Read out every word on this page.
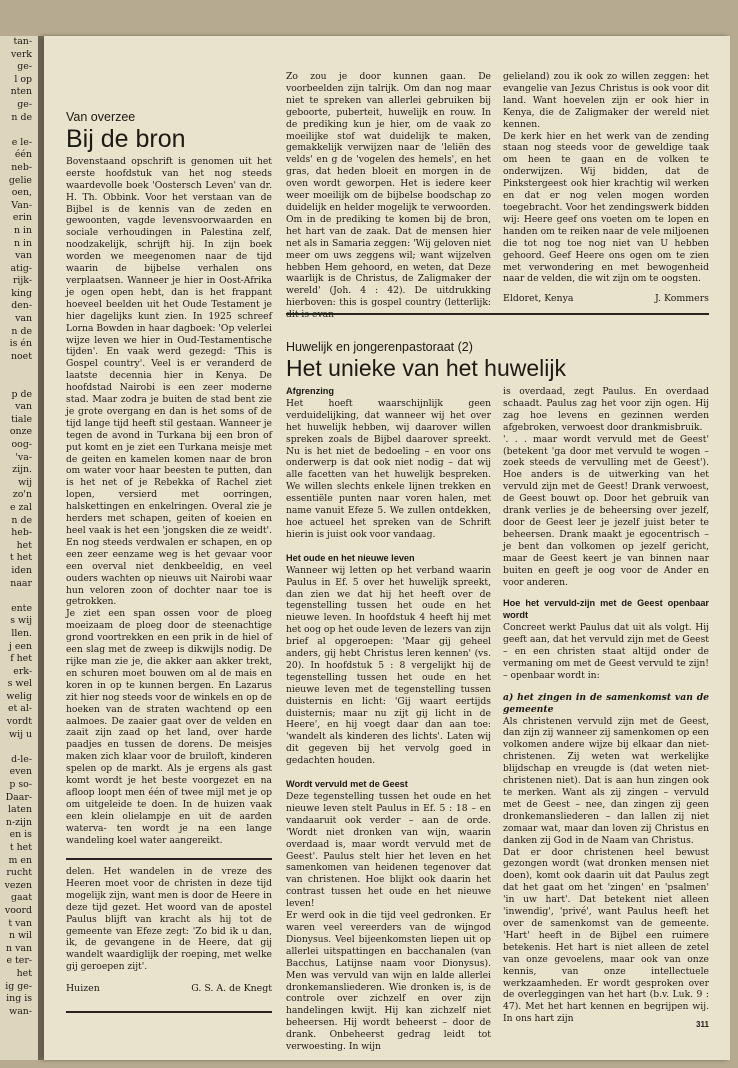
tan-
verk
ge-
l op
nten
ge-
n de
e le-
één
neb-
gelie
oen,
Van-
erin
n in
n in
van
atig-
rijk-
king
den-
van
n de
is én
noet
p de
van
tiale
onze
oog-
'va-
zijn.
wij
zo'n
e zal
n de
heb-
het
t het
iden
naar
ente
s wij
llen.
j een
f het
erk-
s wel
welig
et al-
vordt
wij u
d-le-
even
p so-
Daar-
laten
n-zijn
en is
t het
m en
rucht
vezen
gaat
voord
t van
n wil
n van
e ter-
het
ig ge-
ing is
wan-
Van overzee
Bij de bron

Bovenstaand opschrift is genomen uit het eerste hoofdstuk van het nog steeds waardevolle boek 'Oostersch Leven' van dr. H. Th. Obbink. Voor het verstaan van de Bijbel is de kennis van de zeden en gewoonten, vagde levensvoorwaarden en sociale verhoudingen in Palestina zelf, noodzakelijk, schrijft hij. In zijn boek worden we meegenomen naar de tijd waarin de bijbelse verhalen ons verplaatsen. Wanneer je hier in Oost-Afrika je ogen open hebt, dan is het frappant hoeveel beelden uit het Oude Testament je hier dagelijks kunt zien. In 1925 schreef Lorna Bowden in haar dagboek: 'Op velerlei wijze leven we hier in Oud-Testamentische tijden'. En vaak werd gezegd: 'This is Gospel country'. Veel is er veranderd de laatste decennia hier in Kenya. De hoofdstad Nairobi is een zeer moderne stad. Maar zodra je buiten de stad bent zie je grote overgang en dan is het soms of de tijd lange tijd heeft stil gestaan. Wanneer je tegen de avond in Turkana bij een bron of put komt en je ziet een Turkana meisje met de geiten en kamelen komen naar de bron om water voor haar beesten te putten, dan is het net of je Rebekka of Rachel ziet lopen, versierd met oorringen, halskettingen en enkelringen. Overal zie je herders met schapen, geiten of koeien en heel vaak is het een 'jongsken die ze weidt'. En nog steeds verdwalen er schapen, en op een zeer eenzame weg is het gevaar voor een overval niet denkbeeldig, en veel ouders wachten op nieuws uit Nairobi waar hun veloren zoon of dochter naar toe is getrokken.

Je ziet een span ossen voor de ploeg moeizaam de ploeg door de steenachtige grond voortrekken en een prik in de hiel of een slag met de zweep is dikwijls nodig. De rijke man zie je, die akker aan akker trekt, en schuren moet bouwen om al de mais en koren in op te kunnen bergen. En Lazarus zit hier nog steeds voor de winkels en op de hoeken van de straten wachtend op een aalmoes. De zaaier gaat over de velden en zaait zijn zaad op het land, over harde paadjes en tussen de dorens. De meisjes maken zich klaar voor de bruiloft, kinderen spelen op de markt. Als je ergens als gast komt wordt je het beste voorgezet en na afloop loopt men één of twee mijl met je op om uitgeleide te doen. In de huizen vaak een klein olielampje en uit de aarden waterva- ten wordt je na een lange wandeling koel water aangereikt.

delen. Het wandelen in de vreze des Heeren moet voor de christen in deze tijd mogelijk zijn, want men is door de Heere in deze tijd gezet. Het woord van de apostel Paulus blijft van kracht als hij tot de gemeente van Efeze zegt: 'Zo bid ik u dan, ik, de gevangene in de Heere, dat gij wandelt waardiglijk der roeping, met welke gij geroepen zijt'.

Huizen	G. S. A. de Knegt

Zo zou je door kunnen gaan. De voorbeelden zijn talrijk. Om dan nog maar niet te spreken van allerlei gebruiken bij geboorte, puberteit, huwelijk en rouw. In de prediking kun je hier, om de vaak zo moeilijke stof wat duidelijk te maken, gemakkelijk verwijzen naar de 'leliën des velds' en g de 'vogelen des hemels', en het gras, dat heden bloeit en morgen in de oven wordt geworpen. Het is iedere keer weer moeilijk om de bijbelse boodschap zo duidelijk en helder mogelijk te verwoorden. Om in de prediking te komen bij de bron, het hart van de zaak. Dat de mensen hier net als in Samaria zeggen: 'Wij geloven niet meer om uws zeggens wil; want wijzelven hebben Hem gehoord, en weten, dat Deze waarlijk is de Christus, de Zaligmaker der wereld' (Joh. 4 : 42). De uitdrukking hierboven: this is gospel country (letterlijk:

gelieland) zou ik ook zo willen zeggen: het evangelie van Jezus Christus is ook voor dit land. Want hoevelen zijn er ook hier in Kenya, die de Zaligmaker der wereld niet kennen.

De kerk hier en het werk van de zending staan nog steeds voor de geweldige taak om heen te gaan en de volken te onderwijzen. Wij bidden, dat de Pinkstergeest ook hier krachtig wil werken en dat er nog velen mogen worden toegebracht. Voor het zendingswerk bidden wij: Heere geef ons voeten om te lopen en handen om te reiken naar de vele miljoenen die tot nog toe nog niet van U hebben gehoord. Geef Heere ons ogen om te zien met verwondering en met bewogenheid naar de velden, die wit zijn om te oogsten.

Eldoret, Kenya	J. Kommers
Huwelijk en jongerenpastoraat (2)
Het unieke van het huwelijk
Afgrenzing

Het hoeft waarschijnlijk geen verduidelijking, dat wanneer wij het over het huwelijk hebben, wij daarover willen spreken zoals de Bijbel daarover spreekt. Nu is het niet de bedoeling – en voor ons onderwerp is dat ook niet nodig – dat wij alle facetten van het huwelijk bespreken. We willen slechts enkele lijnen trekken en essentiële punten naar voren halen, met name vanuit Efeze 5. We zullen ontdekken, hoe actueel het spreken van de Schrift hierin is juist ook voor vandaag.

Het oude en het nieuwe leven

Wanneer wij letten op het verband waarin Paulus in Ef. 5 over het huwelijk spreekt, dan zien we dat hij het heeft over de tegenstelling tussen het oude en het nieuwe leven. In hoofdstuk 4 heeft hij met het oog op het oude leven de lezers van zijn brief al opgeroepen: 'Maar gij geheel anders, gij hebt Christus leren kennen' (vs. 20). In hoofdstuk 5 : 8 vergelijkt hij de tegenstelling tussen het oude en het nieuwe leven met de tegenstelling tussen duisternis en licht: 'Gij waart eertijds duisternis; maar nu zijt gij licht in de Heere', en hij voegt daar dan aan toe: 'wandelt als kinderen des lichts'. Laten wij dit gegeven bij het vervolg goed in gedachten houden.

Wordt vervuld met de Geest

Deze tegenstelling tussen het oude en het nieuwe leven stelt Paulus in Ef. 5 : 18 – en vandaaruit ook verder – aan de orde. 'Wordt niet dronken van wijn, waarin overdaad is, maar wordt vervuld met de Geest'. Paulus stelt hier het leven en het samenkomen van heidenen tegenover dat van christenen. Hoe blijkt ook daarin het contrast tussen het oude en het nieuwe leven!

Er werd ook in die tijd veel gedronken. Er waren veel vereerders van de wijngod Dionysus. Veel bijeenkomsten liepen uit op allerlei uitspattingen en bacchanalen (van Bacchus, Latijnse naam voor Dionysus). Men was vervuld van wijn en lalde allerlei dronkemansliederen. Wie dronken is, is de controle over zichzelf en over zijn handelingen kwijt. Hij kan zichzelf niet beheersen. Hij wordt beheerst – door de drank. Onbeheerst gedrag leidt tot verwoesting. In wijn

is overdaad, zegt Paulus. En overdaad schaadt. Paulus zag het voor zijn ogen. Hij zag hoe levens en gezinnen werden afgebroken, verwoest door drankmisbruik.

'. . . maar wordt vervuld met de Geest' (betekent 'ga door met vervuld te wogen – zoek steeds de vervulling met de Geest'). Hoe anders is de uitwerking van het vervuld zijn met de Geest! Drank verwoest, de Geest bouwt op. Door het gebruik van drank verlies je de beheersing over jezelf, door de Geest leer je jezelf juist beter te beheersen. Drank maakt je egocentrisch – je bent dan volkomen op jezelf gericht, maar de Geest keert je van binnen naar buiten en geeft je oog voor de Ander en voor anderen.

Hoe het vervuld-zijn met de Geest openbaar wordt

Concreet werkt Paulus dat uit als volgt. Hij geeft aan, dat het vervuld zijn met de Geest – en een christen staat altijd onder de vermaning om met de Geest vervuld te zijn! – openbaar wordt in:

a) het zingen in de samenkomst van de gemeente

Als christenen vervuld zijn met de Geest, dan zijn zij wanneer zij samenkomen op een volkomen andere wijze bij elkaar dan niet-christenen. Zij weten wat werkelijke blijdschap en vreugde is (dat weten niet-christenen niet). Dat is aan hun zingen ook te merken. Want als zij zingen – vervuld met de Geest – nee, dan zingen zij geen dronkemansliederen – dan lallen zij niet zomaar wat, maar dan loven zij Christus en danken zij God in de Naam van Christus.

Dat er door christenen heel bewust gezongen wordt (wat dronken mensen niet doen), komt ook daarin uit dat Paulus zegt dat het gaat om het 'zingen' en 'psalmen' 'in uw hart'. Dat betekent niet alleen 'inwendig', 'privé', want Paulus heeft het over de samenkomst van de gemeente. 'Hart' heeft in de Bijbel een ruimere betekenis. Het hart is niet alleen de zetel van onze gevoelens, maar ook van onze kennis, van onze intellectuele werkzaamheden. Er wordt gesproken over de overleggingen van het hart (b.v. Luk. 9 : 47). Met het hart kennen en begrijpen wij. In ons hart zijn

311
